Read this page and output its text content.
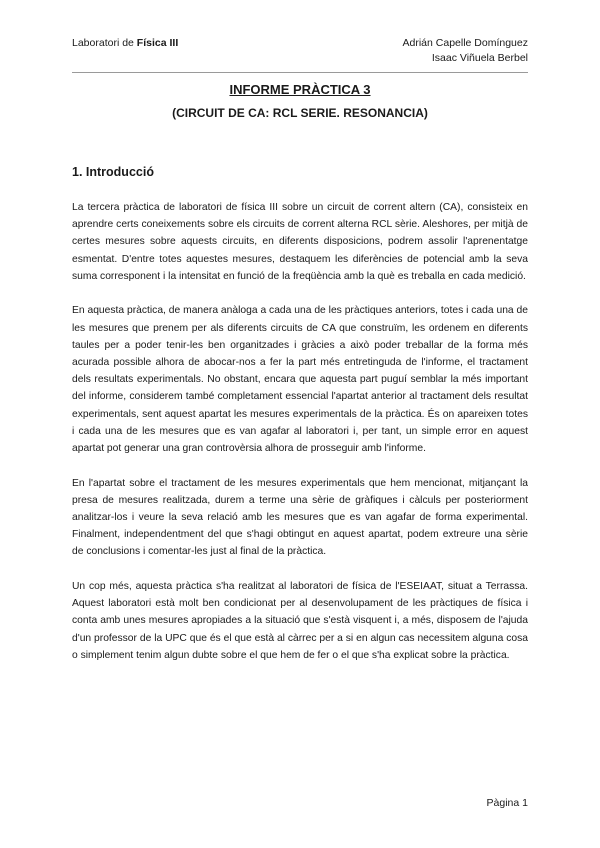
Laboratori de Física III	Adrián Capelle Domínguez
Isaac Viñuela Berbel
INFORME PRÀCTICA 3
(CIRCUIT DE CA: RCL SERIE. RESONANCIA)
1. Introducció

La tercera pràctica de laboratori de física III sobre un circuit de corrent altern (CA), consisteix en aprendre certs coneixements sobre els circuits de corrent alterna RCL sèrie. Aleshores, per mitjà de certes mesures sobre aquests circuits, en diferents disposicions, podrem assolir l'aprenentatge esmentat. D'entre totes aquestes mesures, destaquem les diferències de potencial amb la seva suma corresponent i la intensitat en funció de la freqüència amb la què es treballa en cada medició.

En aquesta pràctica, de manera anàloga a cada una de les pràctiques anteriors, totes i cada una de les mesures que prenem per als diferents circuits de CA que construïm, les ordenem en diferents taules per a poder tenir-les ben organitzades i gràcies a això poder treballar de la forma més acurada possible alhora de abocar-nos a fer la part més entretinguda de l'informe, el tractament dels resultats experimentals. No obstant, encara que aquesta part puguí semblar la més important del informe, considerem també completament essencial l'apartat anterior al tractament dels resultat experimentals, sent aquest apartat les mesures experimentals de la pràctica. És on apareixen totes i cada una de les mesures que es van agafar al laboratori i, per tant, un simple error en aquest apartat pot generar una gran controvèrsia alhora de prosseguir amb l'informe.

En l'apartat sobre el tractament de les mesures experimentals que hem mencionat, mitjançant la presa de mesures realitzada, durem a terme una sèrie de gràfiques i càlculs per posteriorment analitzar-los i veure la seva relació amb les mesures que es van agafar de forma experimental. Finalment, independentment del que s'hagi obtingut en aquest apartat, podem extreure una sèrie de conclusions i comentar-les just al final de la pràctica.

Un cop més, aquesta pràctica s'ha realitzat al laboratori de física de l'ESEIAAT, situat a Terrassa. Aquest laboratori està molt ben condicionat per al desenvolupament de les pràctiques de física i conta amb unes mesures apropiades a la situació que s'està visquent i, a més, disposem de l'ajuda d'un professor de la UPC que és el que està al càrrec per a si en algun cas necessitem alguna cosa o simplement tenim algun dubte sobre el que hem de fer o el que s'ha explicat sobre la pràctica.

Pàgina 1
